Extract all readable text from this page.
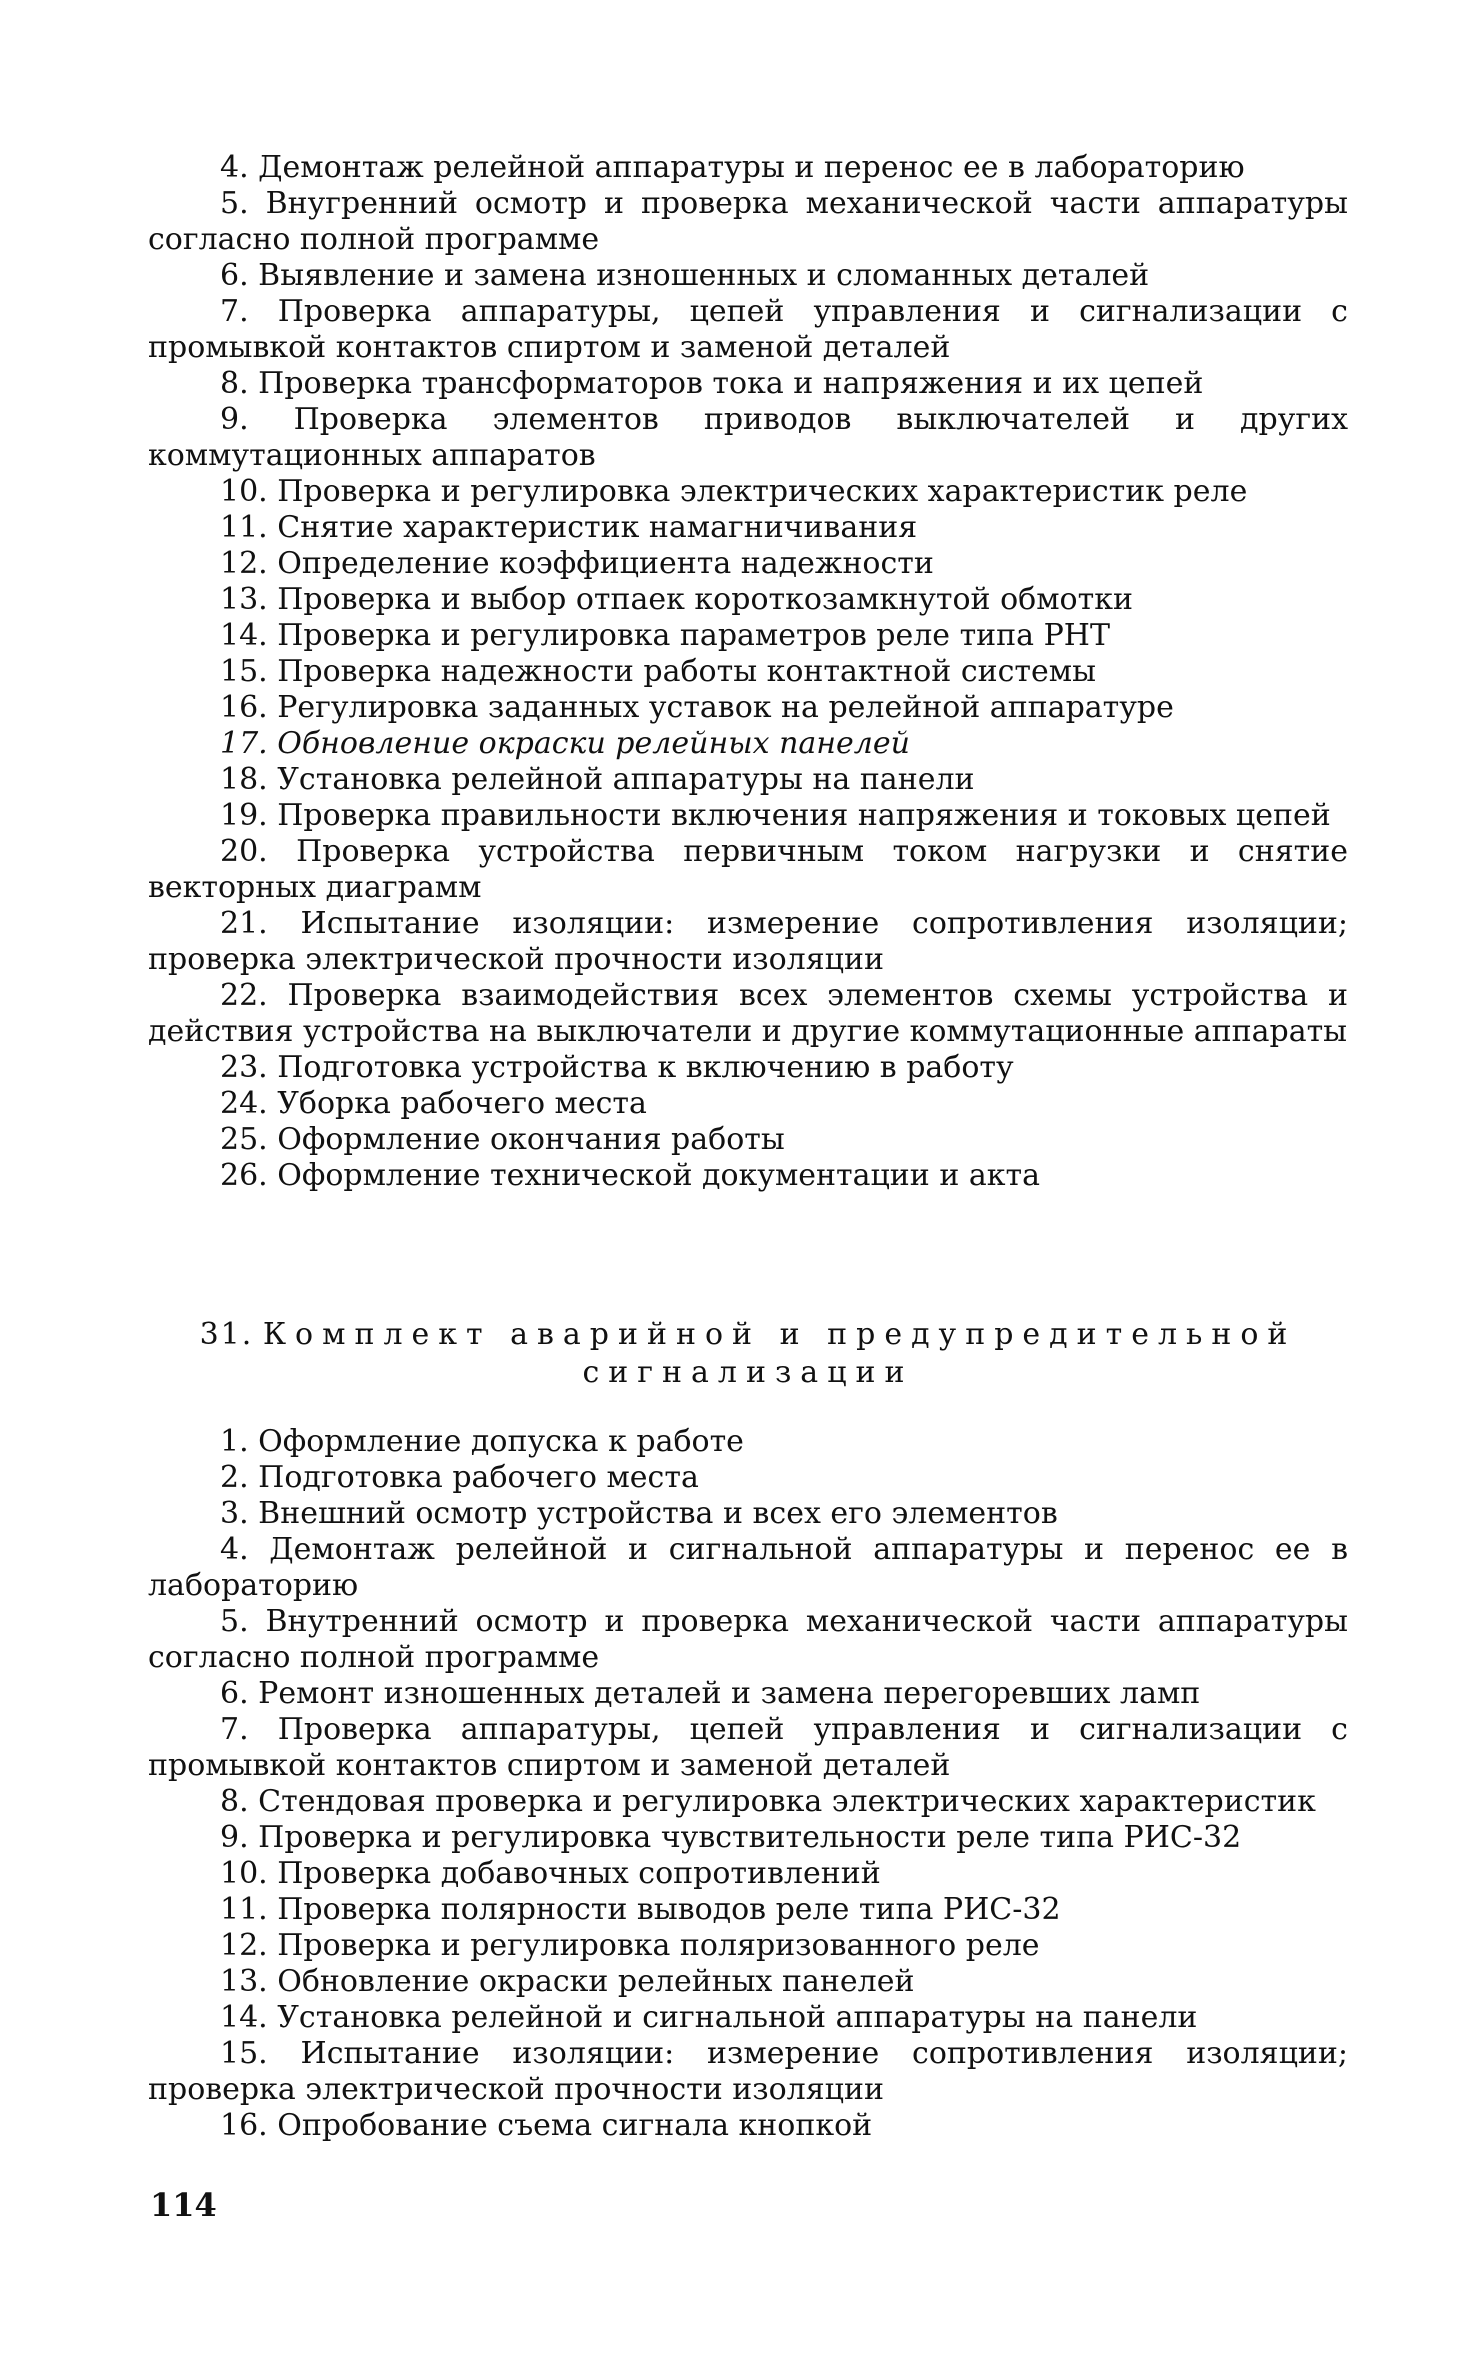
4. Демонтаж релейной аппаратуры и перенос ее в лабораторию

5. Внугренний осмотр и проверка механической части аппаратуры согласно полной программе

6. Выявление и замена изношенных и сломанных деталей

7. Проверка аппаратуры, цепей управления и сигнализации с промывкой контактов спиртом и заменой деталей

8. Проверка трансформаторов тока и напряжения и их цепей

9. Проверка элементов приводов выключателей и других коммутационных аппаратов

10. Проверка и регулировка электрических характеристик реле

11. Снятие характеристик намагничивания

12. Определение коэффициента надежности

13. Проверка и выбор отпаек короткозамкнутой обмотки

14. Проверка и регулировка параметров реле типа РНТ

15. Проверка надежности работы контактной системы

16. Регулировка заданных уставок на релейной аппаратуре

17. Обновление окраски релейных панелей

18. Установка релейной аппаратуры на панели

19. Проверка правильности включения напряжения и токовых цепей

20. Проверка устройства первичным током нагрузки и снятие векторных диаграмм

21. Испытание изоляции: измерение сопротивления изоляции; проверка электрической прочности изоляции

22. Проверка взаимодействия всех элементов схемы устройства и действия устройства на выключатели и другие коммутационные аппараты

23. Подготовка устройства к включению в работу

24. Уборка рабочего места

25. Оформление окончания работы

26. Оформление технической документации и акта

31. Комплект аварийной и предупредительной
сигнализации

1. Оформление допуска к работе

2. Подготовка рабочего места

3. Внешний осмотр устройства и всех его элементов

4. Демонтаж релейной и сигнальной аппаратуры и перенос ее в лабораторию

5. Внутренний осмотр и проверка механической части аппаратуры согласно полной программе

6. Ремонт изношенных деталей и замена перегоревших ламп

7. Проверка аппаратуры, цепей управления и сигнализации с промывкой контактов спиртом и заменой деталей

8. Стендовая проверка и регулировка электрических характеристик

9. Проверка и регулировка чувствительности реле типа РИС-32

10. Проверка добавочных сопротивлений

11. Проверка полярности выводов реле типа РИС-32

12. Проверка и регулировка поляризованного реле

13. Обновление окраски релейных панелей

14. Установка релейной и сигнальной аппаратуры на панели

15. Испытание изоляции: измерение сопротивления изоляции; проверка электрической прочности изоляции

16. Опробование съема сигнала кнопкой

114
